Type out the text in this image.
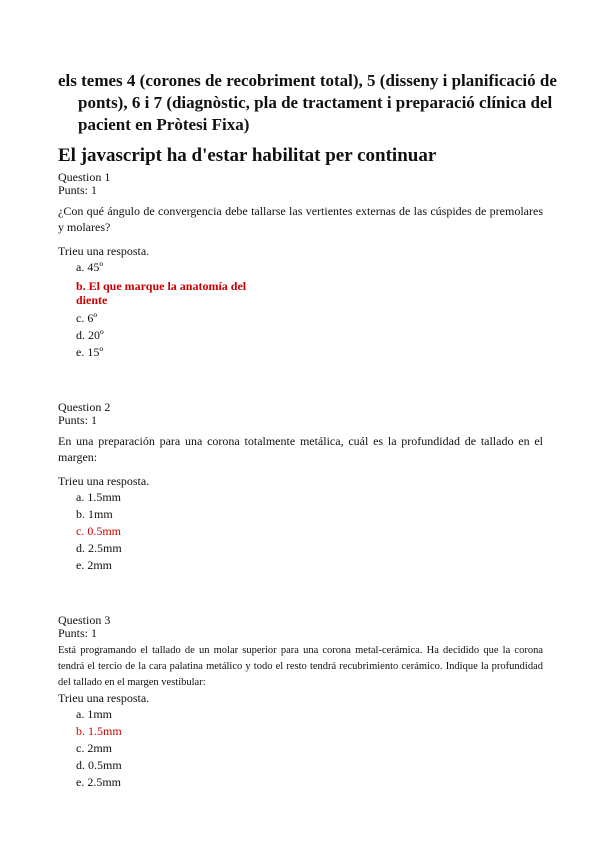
els temes 4 (corones de recobriment total), 5 (disseny i planificació de ponts), 6 i 7 (diagnòstic, pla de tractament i preparació clínica del pacient en Pròtesi Fixa)
El javascript ha d'estar habilitat per continuar
Question 1
Punts: 1
¿Con qué ángulo de convergencia debe tallarse las vertientes externas de las cúspides de premolares y molares?
Trieu una resposta.
a. 45º
b. El que marque la anatomía del diente
c. 6º
d. 20º
e. 15º
Question 2
Punts: 1
En una preparación para una corona totalmente metálica, cuál es la profundidad de tallado en el margen:
Trieu una resposta.
a. 1.5mm
b. 1mm
c. 0.5mm
d. 2.5mm
e. 2mm
Question 3
Punts: 1
Está programando el tallado de un molar superior para una corona metal-cerámica. Ha decidido que la corona tendrá el tercio de la cara palatina metálico y todo el resto tendrá recubrimiento cerámico. Indique la profundidad del tallado en el margen vestibular:
Trieu una resposta.
a. 1mm
b. 1.5mm
c. 2mm
d. 0.5mm
e. 2.5mm
